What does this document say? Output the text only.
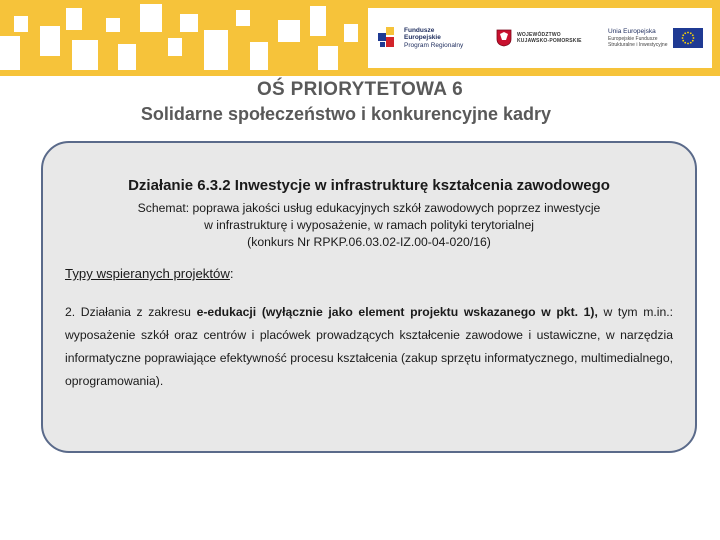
Fundusze
Europejskie
Program Regionalny
WOJEWÓDZTWO
KUJAWSKO-POMORSKIE
Unia Europejska
Europejskie Fundusze
Strukturalne i Inwestycyjne
OŚ PRIORYTETOWA 6
Solidarne społeczeństwo i konkurencyjne kadry

Działanie 6.3.2 Inwestycje w infrastrukturę kształcenia zawodowego

Schemat: poprawa jakości usług edukacyjnych szkół zawodowych poprzez inwestycje
w infrastrukturę i wyposażenie, w ramach polityki terytorialnej
(konkurs Nr RPKP.06.03.02-IZ.00-04-020/16)

Typy wspieranych projektów:

2. Działania z zakresu e-edukacji (wyłącznie jako element projektu wskazanego w pkt. 1), w tym m.in.: wyposażenie szkół oraz centrów i placówek prowadzących kształcenie zawodowe i ustawiczne, w narzędzia informatyczne poprawiające efektywność procesu kształcenia (zakup sprzętu informatycznego, multimedialnego, oprogramowania).
